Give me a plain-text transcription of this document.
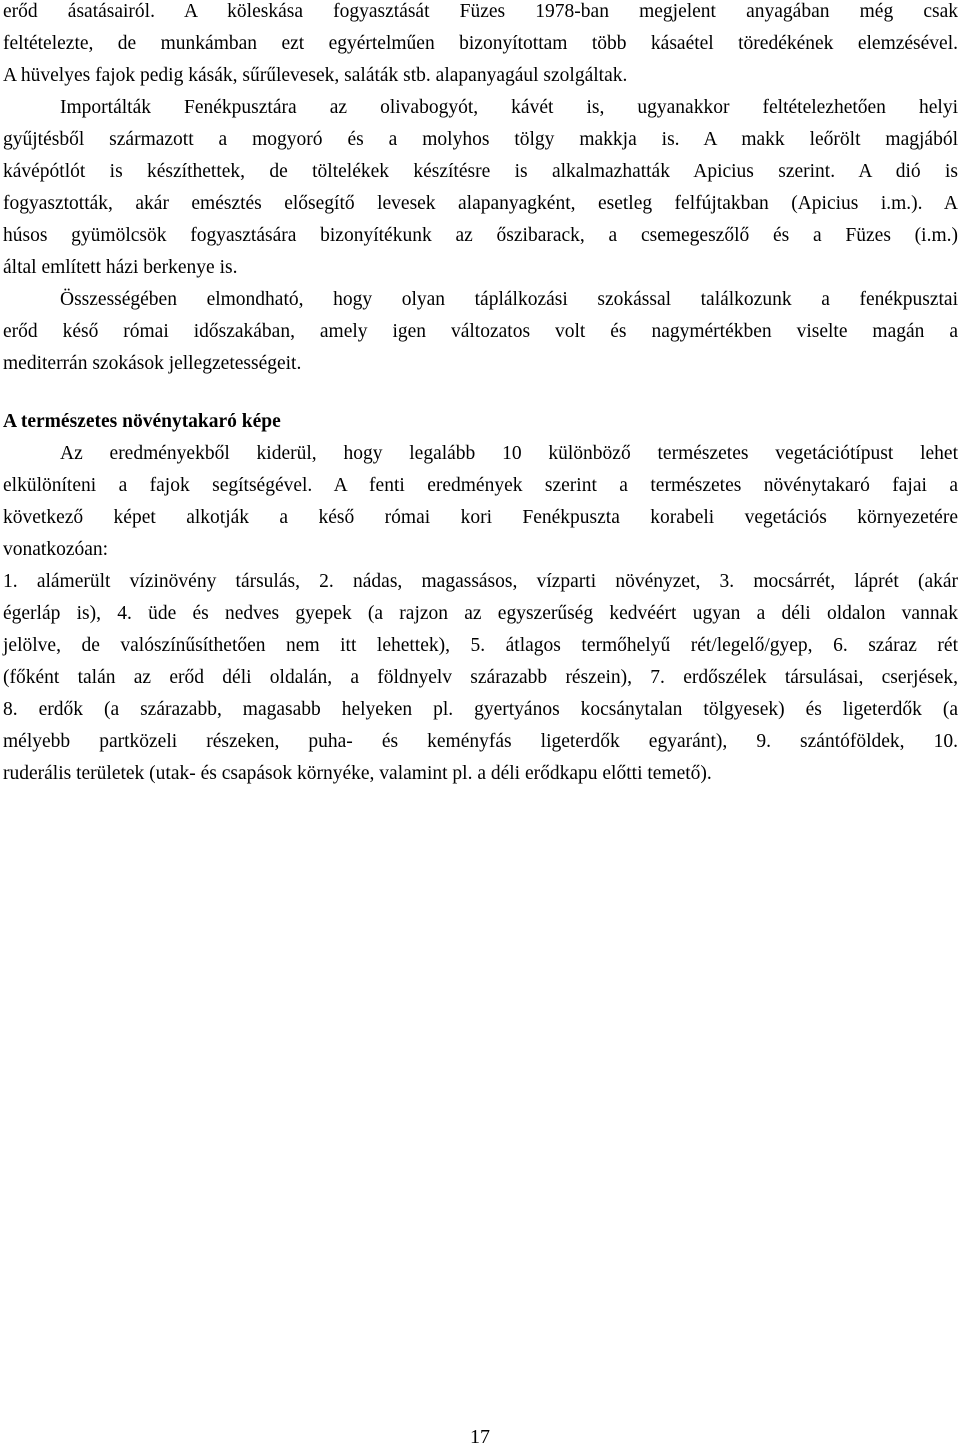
erőd ásatásairól. A köleskása fogyasztását Füzes 1978-ban megjelent anyagában még csak
feltételezte, de munkámban ezt egyértelműen bizonyítottam több kásaétel töredékének elemzésével.
A hüvelyes fajok pedig kásák, sűrűlevesek, saláták stb. alapanyagául szolgáltak.
Importálták Fenékpusztára az olivabogyót, kávét is, ugyanakkor feltételezhetően helyi
gyűjtésből származott a mogyoró és a molyhos tölgy makkja is. A makk leőrölt magjából
kávépótlót is készíthettek, de töltelékek készítésre is alkalmazhatták Apicius szerint. A dió is
fogyasztották, akár emésztés elősegítő levesek alapanyagként, esetleg felfújtakban (Apicius i.m.). A
húsos gyümölcsök fogyasztására bizonyítékunk az őszibarack, a csemegeszőlő és a Füzes (i.m.)
által említett házi berkenye is.
Összességében elmondható, hogy olyan táplálkozási szokással találkozunk a fenékpusztai
erőd késő római időszakában, amely igen változatos volt és nagymértékben viselte magán a
mediterrán szokások jellegzetességeit.
A természetes növénytakaró képe
Az eredményekből kiderül, hogy legalább 10 különböző természetes vegetációtípust lehet
elkülöníteni a fajok segítségével. A fenti eredmények szerint a természetes növénytakaró fajai a
következő képet alkotják a késő római kori Fenékpuszta korabeli vegetációs környezetére
vonatkozóan:
1. alámerült vízinövény társulás, 2. nádas, magassásos, vízparti növényzet, 3. mocsárrét, láprét (akár
égerláp is), 4. üde és nedves gyepek (a rajzon az egyszerűség kedvéért ugyan a déli oldalon vannak
jelölve, de valószínűsíthetően nem itt lehettek), 5. átlagos termőhelyű rét/legelő/gyep, 6. száraz rét
(főként talán az erőd déli oldalán, a földnyelv szárazabb részein), 7. erdőszélek társulásai, cserjések,
8. erdők (a szárazabb, magasabb helyeken pl. gyertyános kocsánytalan tölgyesek) és ligeterdők (a
mélyebb partközeli részeken, puha- és keményfás ligeterdők egyaránt), 9. szántóföldek, 10.
ruderális területek (utak- és csapások környéke, valamint pl. a déli erődkapu előtti temető).
17
